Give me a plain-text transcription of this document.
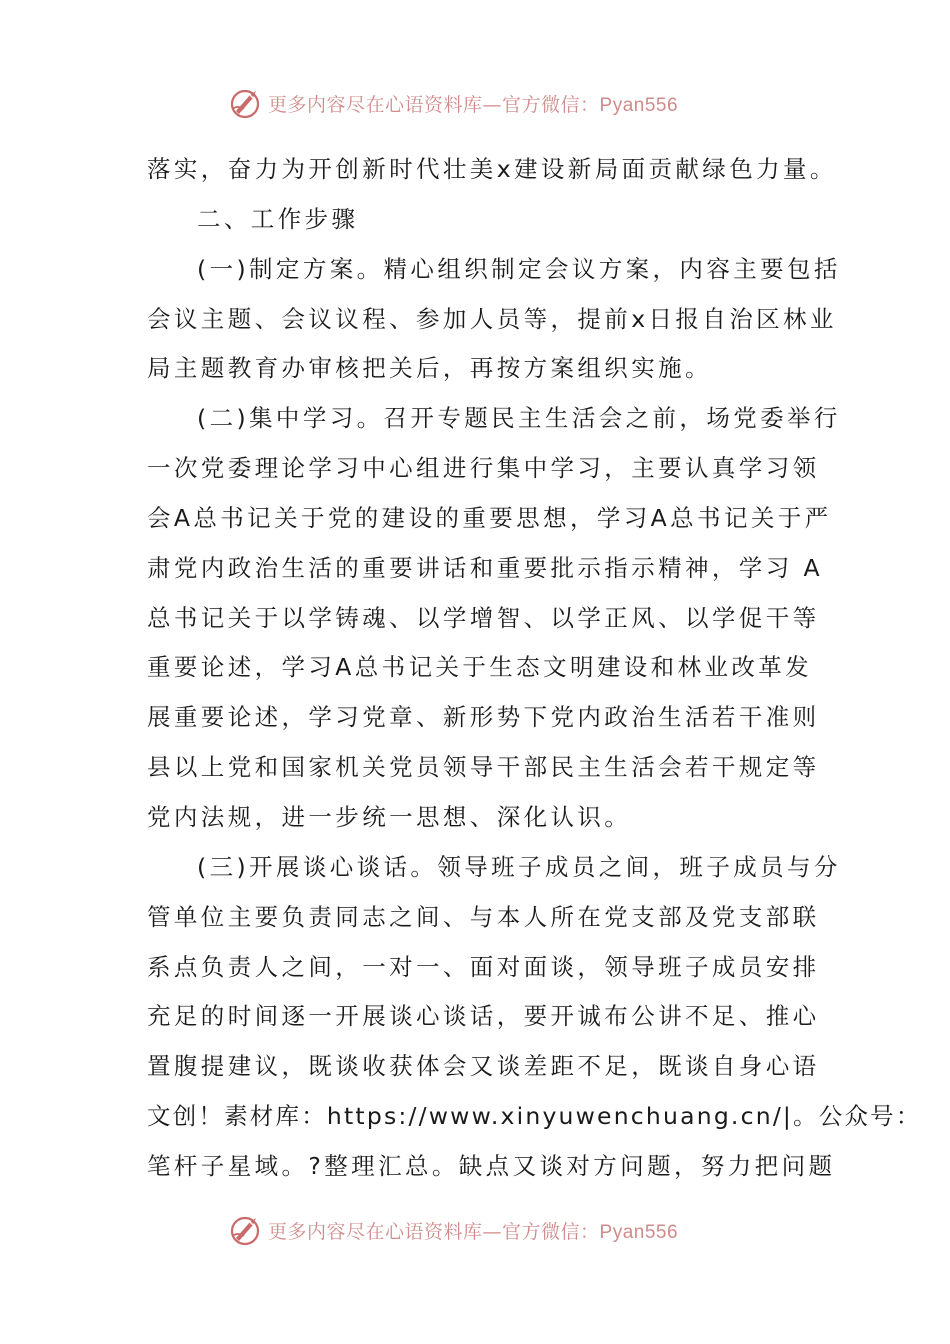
更多内容尽在心语资料库—官方微信：Pyan556
落实，奋力为开创新时代壮美x建设新局面贡献绿色力量。
二、工作步骤
(一)制定方案。精心组织制定会议方案，内容主要包括
会议主题、会议议程、参加人员等，提前x日报自治区林业
局主题教育办审核把关后，再按方案组织实施。
(二)集中学习。召开专题民主生活会之前，场党委举行
一次党委理论学习中心组进行集中学习，主要认真学习领
会A总书记关于党的建设的重要思想，学习A总书记关于严
肃党内政治生活的重要讲话和重要批示指示精神，学习 A
总书记关于以学铸魂、以学增智、以学正风、以学促干等
重要论述，学习A总书记关于生态文明建设和林业改革发
展重要论述，学习党章、新形势下党内政治生活若干准则
县以上党和国家机关党员领导干部民主生活会若干规定等
党内法规，进一步统一思想、深化认识。
(三)开展谈心谈话。领导班子成员之间，班子成员与分
管单位主要负责同志之间、与本人所在党支部及党支部联
系点负责人之间，一对一、面对面谈，领导班子成员安排
充足的时间逐一开展谈心谈话，要开诚布公讲不足、推心
置腹提建议，既谈收获体会又谈差距不足，既谈自身心语
文创！素材库：https://www.xinyuwenchuang.cn/|。公众号：
笔杆子星域。?整理汇总。缺点又谈对方问题，努力把问题
更多内容尽在心语资料库—官方微信：Pyan556
